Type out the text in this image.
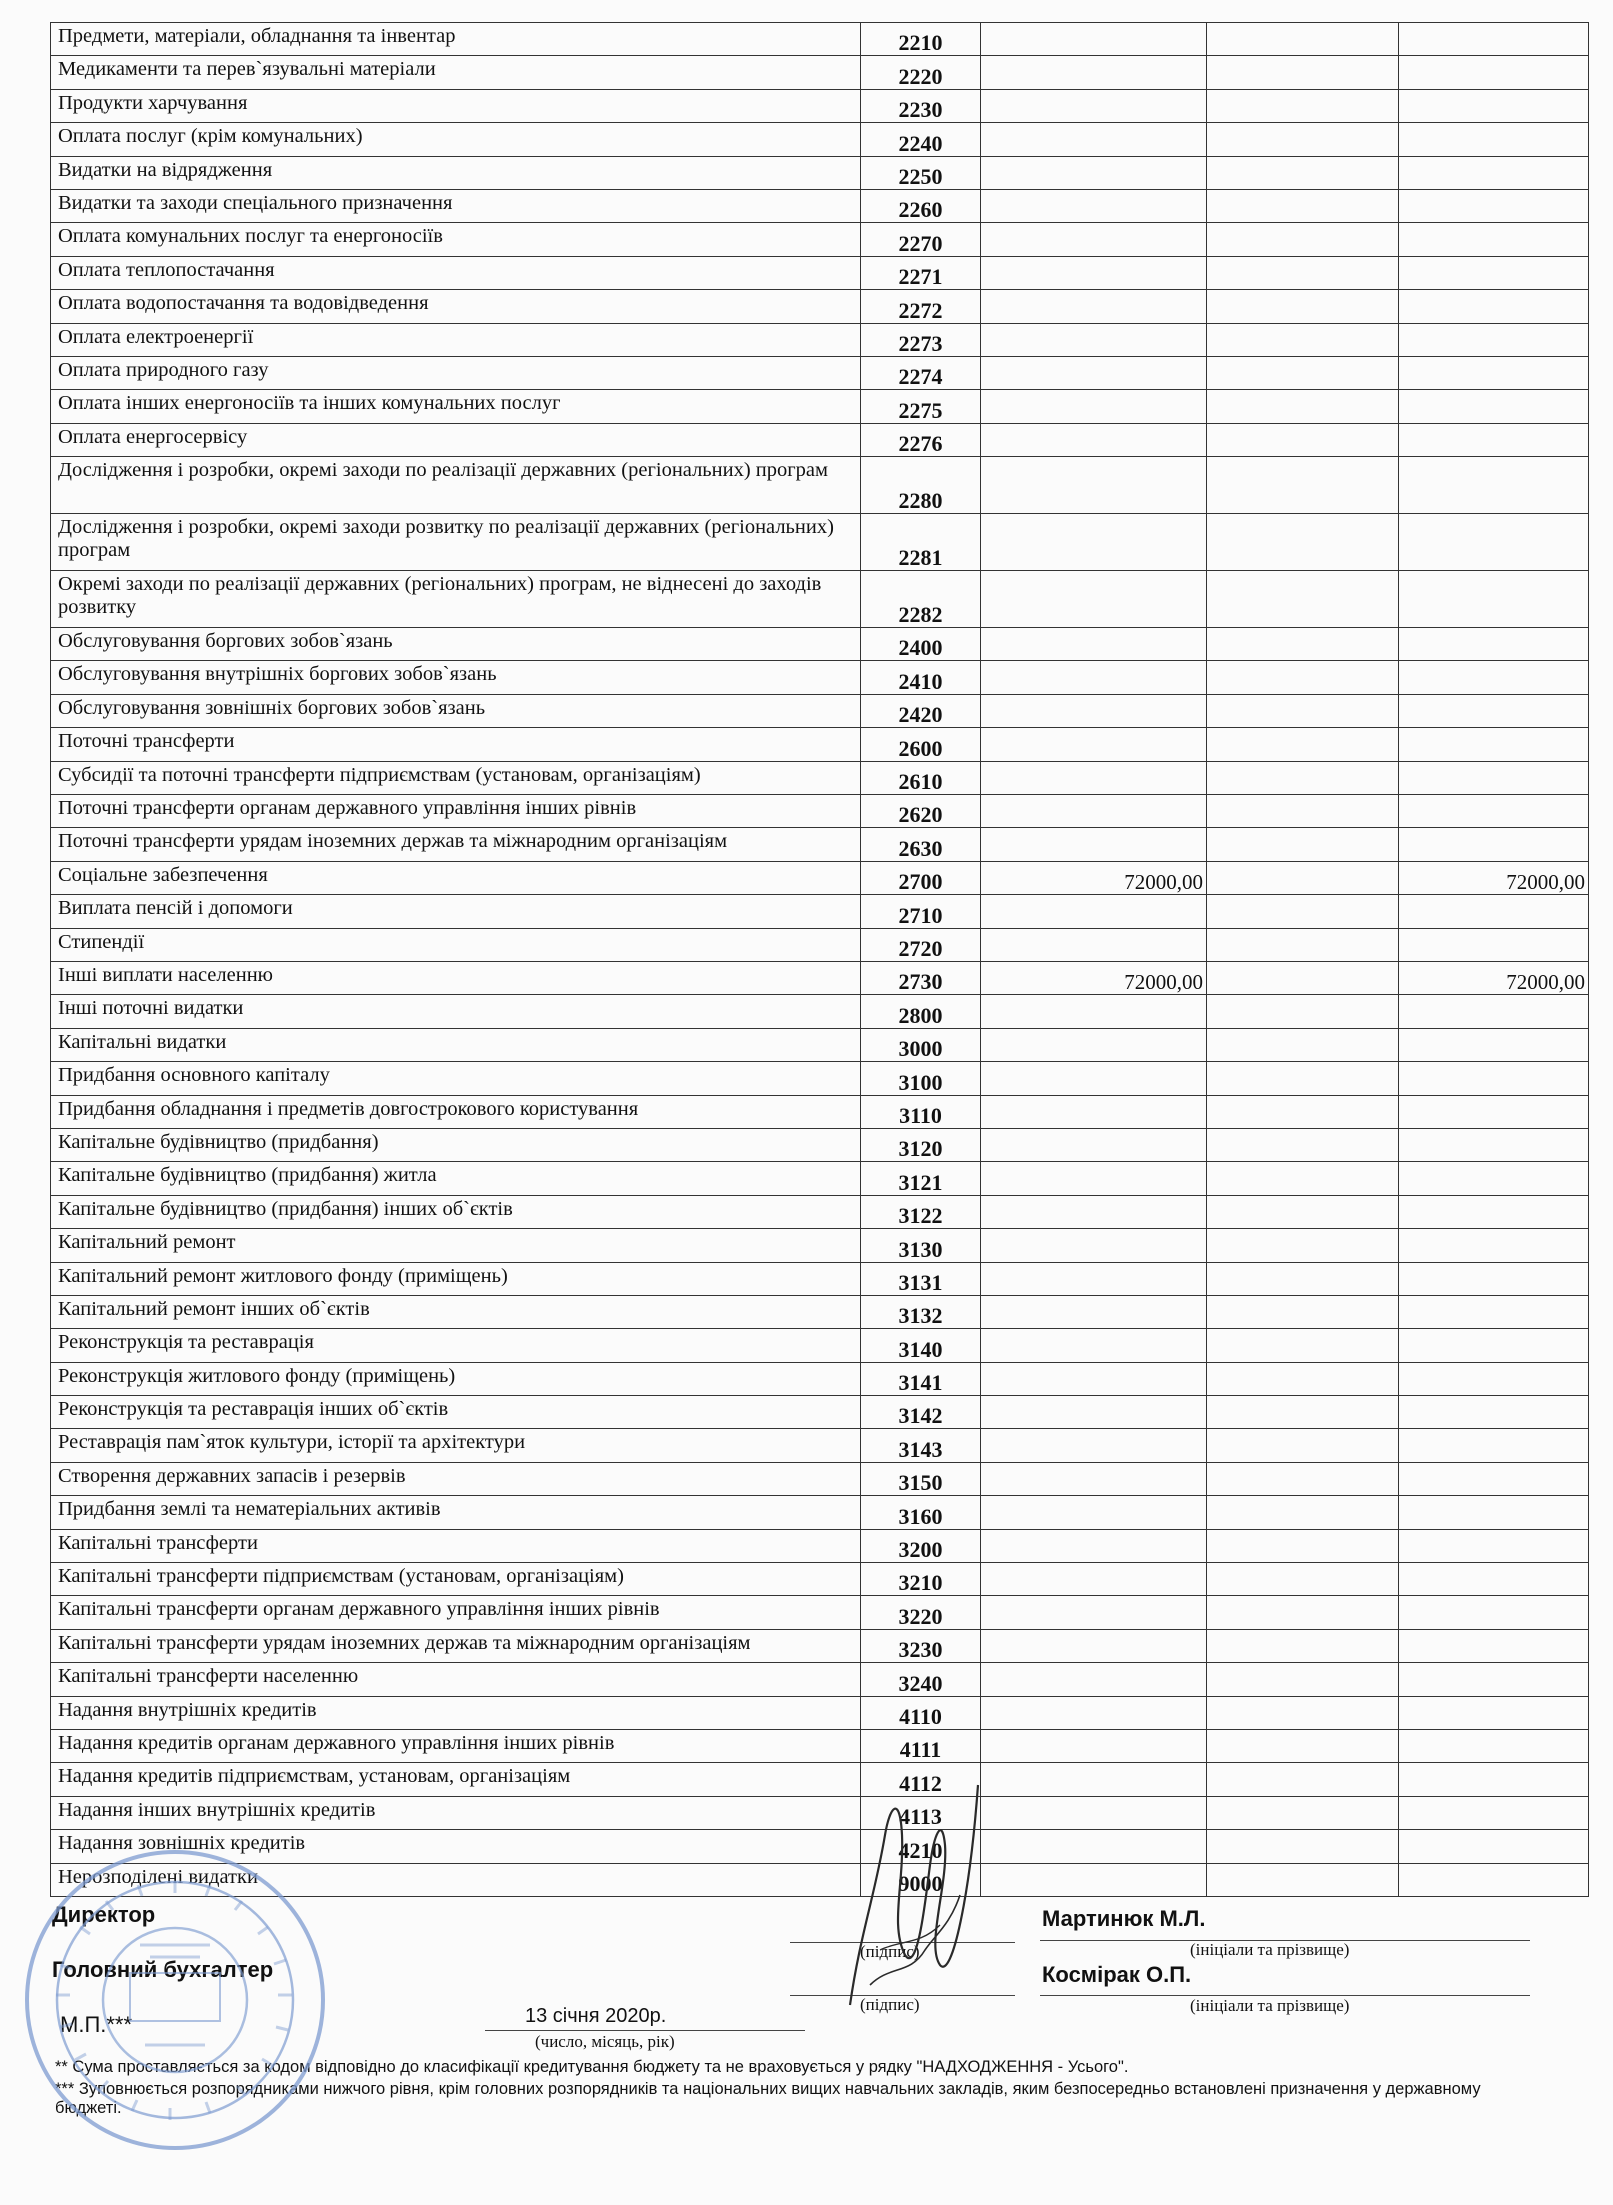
Предмети, матеріали, обладнання та інвентар	2210			
Медикаменти та перев`язувальні матеріали	2220			
Продукти харчування	2230			
Оплата послуг (крім комунальних)	2240			
Видатки на відрядження	2250			
Видатки та заходи спеціального призначення	2260			
Оплата комунальних послуг та енергоносіїв	2270			
Оплата теплопостачання	2271			
Оплата водопостачання та водовідведення	2272			
Оплата електроенергії	2273			
Оплата природного газу	2274			
Оплата інших енергоносіїв та інших комунальних послуг	2275			
Оплата енергосервісу	2276			
Дослідження і розробки, окремі заходи по реалізації державних (регіональних) програм	2280			
Дослідження і розробки, окремі заходи розвитку по реалізації державних (регіональних) програм	2281			
Окремі заходи по реалізації державних (регіональних) програм, не віднесені до заходів розвитку	2282			
Обслуговування боргових зобов`язань	2400			
Обслуговування внутрішніх боргових зобов`язань	2410			
Обслуговування зовнішніх боргових зобов`язань	2420			
Поточні трансферти	2600			
Субсидії та поточні трансферти підприємствам (установам, організаціям)	2610			
Поточні трансферти органам державного управління інших рівнів	2620			
Поточні трансферти урядам іноземних держав та міжнародним організаціям	2630			
Соціальне забезпечення	2700	72000,00		72000,00
Виплата пенсій і допомоги	2710			
Стипендії	2720			
Інші виплати населенню	2730	72000,00		72000,00
Інші поточні видатки	2800			
Капітальні видатки	3000			
Придбання основного капіталу	3100			
Придбання обладнання і предметів довгострокового користування	3110			
Капітальне будівництво (придбання)	3120			
Капітальне будівництво (придбання) житла	3121			
Капітальне будівництво (придбання) інших об`єктів	3122			
Капітальний ремонт	3130			
Капітальний ремонт житлового фонду (приміщень)	3131			
Капітальний ремонт інших об`єктів	3132			
Реконструкція та реставрація	3140			
Реконструкція житлового фонду (приміщень)	3141			
Реконструкція та реставрація інших об`єктів	3142			
Реставрація пам`яток культури, історії та архітектури	3143			
Створення державних запасів і резервів	3150			
Придбання землі та нематеріальних активів	3160			
Капітальні трансферти	3200			
Капітальні трансферти підприємствам (установам, організаціям)	3210			
Капітальні трансферти органам державного управління інших рівнів	3220			
Капітальні трансферти урядам іноземних держав та міжнародним організаціям	3230			
Капітальні трансферти населенню	3240			
Надання внутрішніх кредитів	4110			
Надання кредитів органам державного управління інших рівнів	4111			
Надання кредитів підприємствам, установам, організаціям	4112			
Надання інших внутрішніх кредитів	4113			
Надання зовнішніх кредитів	4210			
Нерозподілені видатки	9000			
Директор
(підпис)
Мартинюк М.Л.
(ініціали та прізвище)
Головний бухгалтер
(підпис)
Космірак О.П.
(ініціали та прізвище)
М.П.***	13 січня 2020р.
(число, місяць, рік)
** Сума проставляється за кодом відповідно до класифікації кредитування бюджету та не враховується у рядку "НАДХОДЖЕННЯ - Усього".
*** Зуповнюється розпорядниками нижчого рівня, крім головних розпорядників та національних вищих навчальних закладів, яким безпосередньо встановлені призначення у державному бюджеті.
